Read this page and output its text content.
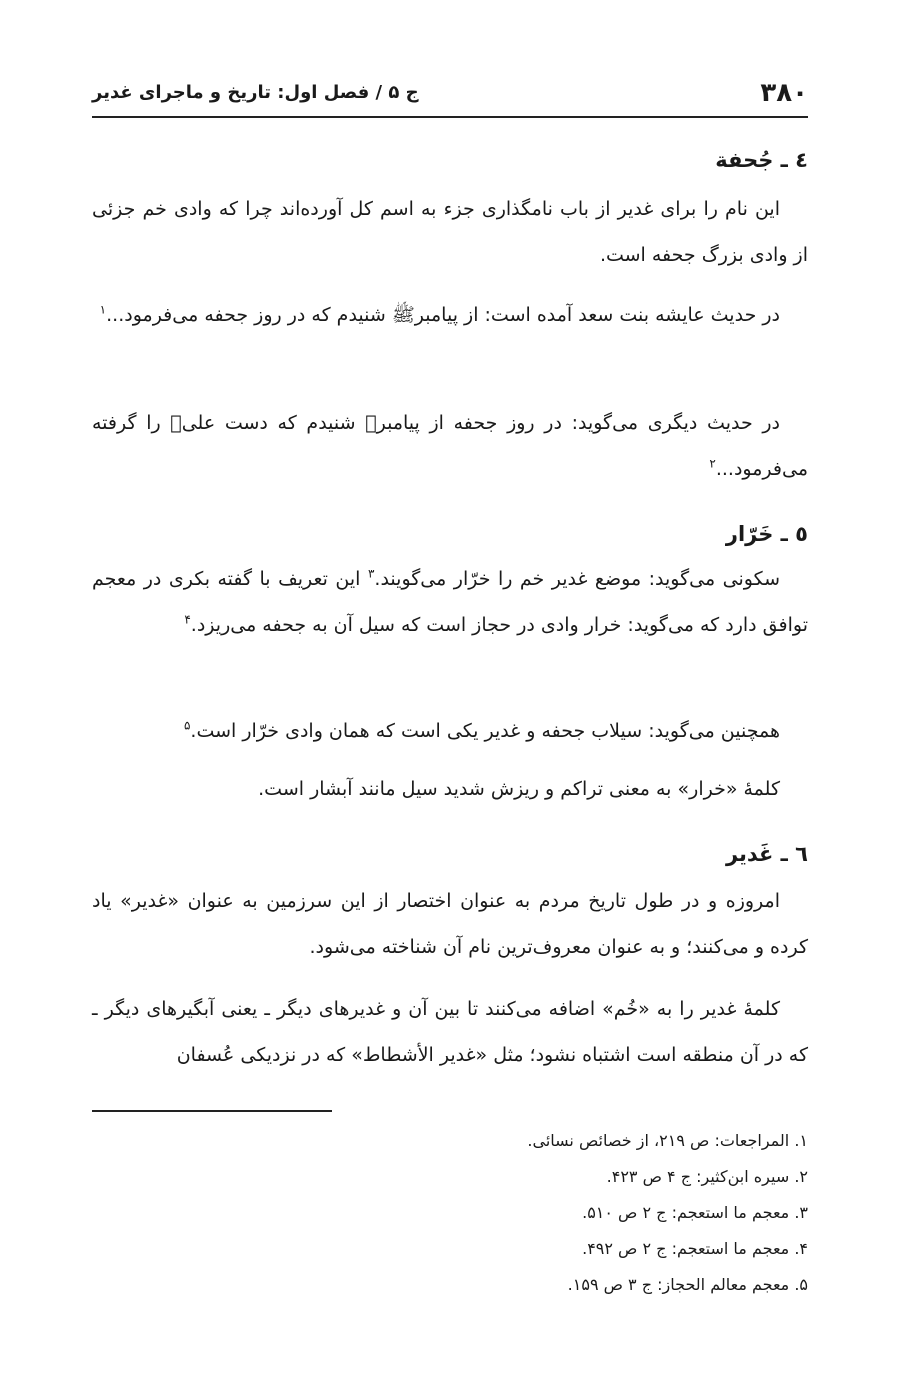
۳۸۰
ج ۵ / فصل اول: تاریخ و ماجرای غدیر
٤ ـ جُحفة
این نام را برای غدیر از باب نامگذاری جزء به اسم کل آورده‌اند چرا که وادی خم جزئی از وادی بزرگ جحفه است.
در حدیث عایشه بنت سعد آمده است: از پیامبرﷺ شنیدم که در روز جحفه می‌فرمود...$^١$
در حدیث دیگری می‌گوید: در روز جحفه از پیامبرﷺ شنیدم که دست علیؑ را گرفته می‌فرمود...$^٢$
٥ ـ خَرّار
سکونی می‌گوید: موضع غدیر خم را خرّار می‌گویند.$^٣$ این تعریف با گفته بکری در معجم توافق دارد که می‌گوید: خرار وادی در حجاز است که سیل آن به جحفه می‌ریزد.$^۴$
همچنین می‌گوید: سیلاب جحفه و غدیر یکی است که همان وادی خرّار است.$^۵$
کلمهٔ «خرار» به معنی تراکم و ریزش شدید سیل مانند آبشار است.
٦ ـ غَدیر
امروزه و در طول تاریخ مردم به عنوان اختصار از این سرزمین به عنوان «غدیر» یاد کرده و می‌کنند؛ و به عنوان معروف‌ترین نام آن شناخته می‌شود.
کلمهٔ غدیر را به «خُم» اضافه می‌کنند تا بین آن و غدیرهای دیگر ـ یعنی آبگیرهای دیگر ـ که در آن منطقه است اشتباه نشود؛ مثل «غدیر الأشطاط» که در نزدیکی عُسفان
١. المراجعات: ص ٢١٩، از خصائص نسائی.
٢. سیره ابن‌کثیر: ج ۴ ص ۴٢٣.
٣. معجم ما استعجم: ج ٢ ص ۵١٠.
۴. معجم ما استعجم: ج ٢ ص ۴٩٢.
۵. معجم معالم الحجاز: ج ٣ ص ١۵٩.
